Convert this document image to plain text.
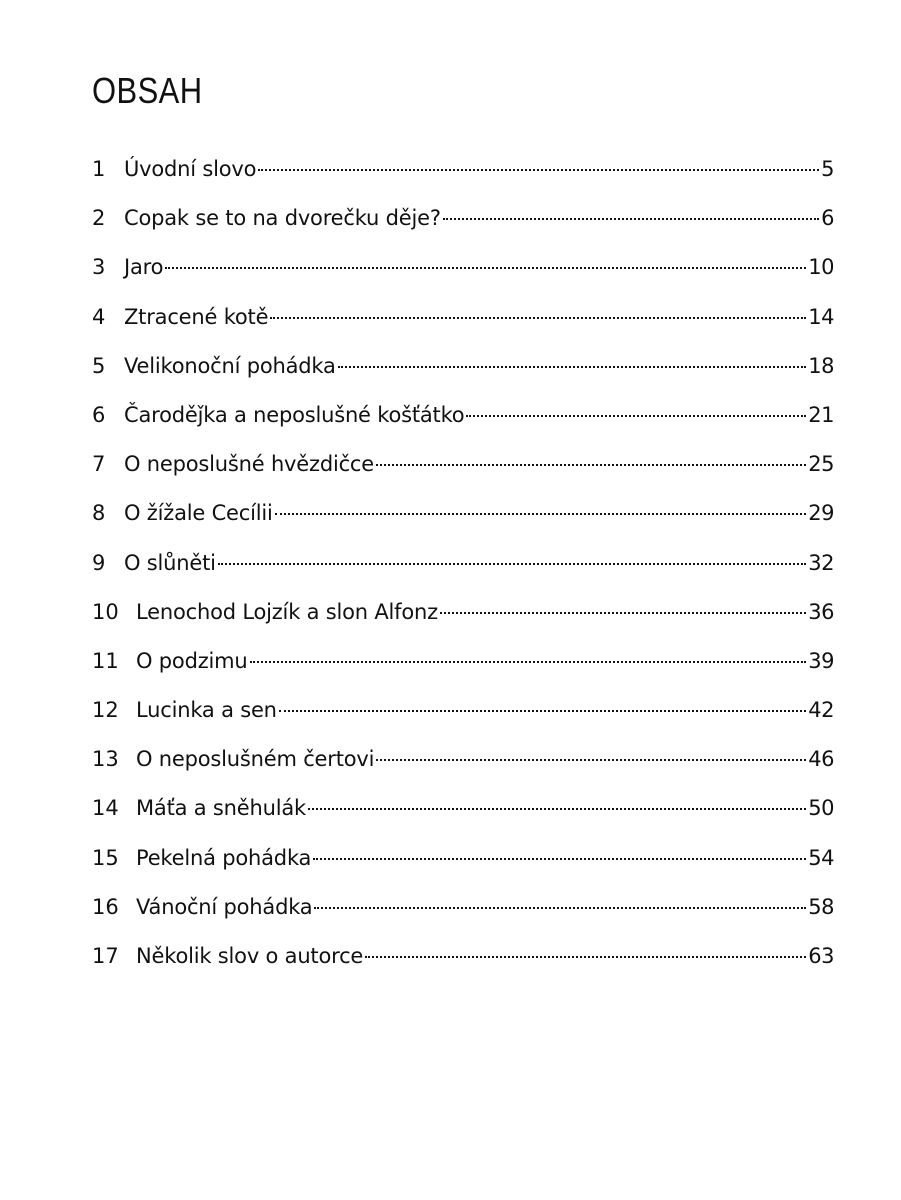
OBSAH
1 Úvodní slovo	5
2 Copak se to na dvorečku děje?	6
3 Jaro	10
4 Ztracené kotě	14
5 Velikonoční pohádka	18
6 Čaroděǰka a neposlušné košťátko	21
7 O neposlušné hvězdičce	25
8 O žížale Cecílii	29
9 O slůněti	32
10 Lenochod Lojzík a slon Alfonz	36
11 O podzimu	39
12 Lucinka a sen	42
13 O neposlušném čertovi	46
14 Máťa a sněhulák	50
15 Pekelná pohádka	54
16 Vánoční pohádka	58
17 Několik slov o autorce	63
